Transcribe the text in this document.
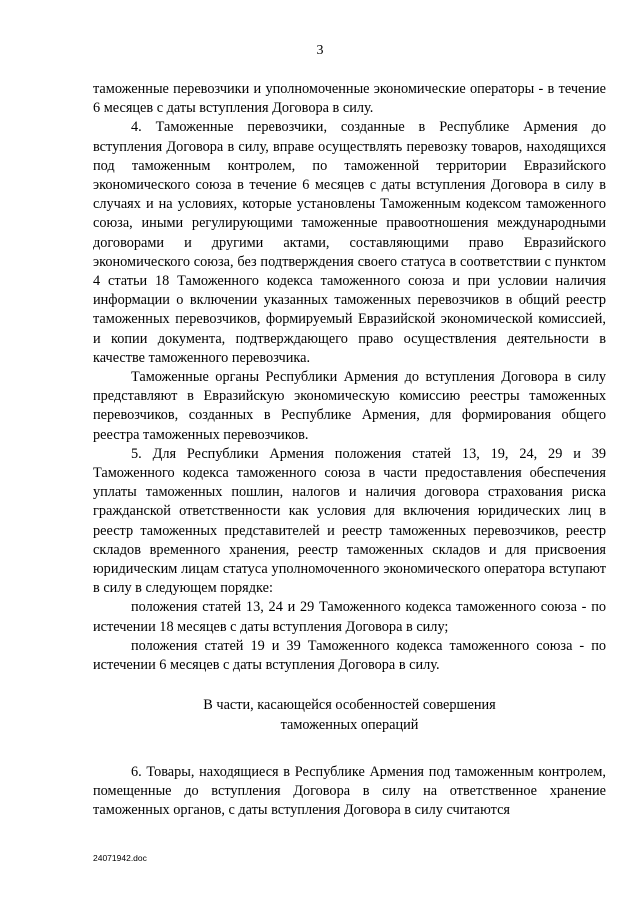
3

таможенные перевозчики и уполномоченные экономические операторы - в течение 6 месяцев с даты вступления Договора в силу.

4. Таможенные перевозчики, созданные в Республике Армения до вступления Договора в силу, вправе осуществлять перевозку товаров, находящихся под таможенным контролем, по таможенной территории Евразийского экономического союза в течение 6 месяцев с даты вступления Договора в силу в случаях и на условиях, которые установлены Таможенным кодексом таможенного союза, иными регулирующими таможенные правоотношения международными договорами и другими актами, составляющими право Евразийского экономического союза, без подтверждения своего статуса в соответствии с пунктом 4 статьи 18 Таможенного кодекса таможенного союза и при условии наличия информации о включении указанных таможенных перевозчиков в общий реестр таможенных перевозчиков, формируемый Евразийской экономической комиссией, и копии документа, подтверждающего право осуществления деятельности в качестве таможенного перевозчика.

Таможенные органы Республики Армения до вступления Договора в силу представляют в Евразийскую экономическую комиссию реестры таможенных перевозчиков, созданных в Республике Армения, для формирования общего реестра таможенных перевозчиков.

5. Для Республики Армения положения статей 13, 19, 24, 29 и 39 Таможенного кодекса таможенного союза в части предоставления обеспечения уплаты таможенных пошлин, налогов и наличия договора страхования риска гражданской ответственности как условия для включения юридических лиц в реестр таможенных представителей и реестр таможенных перевозчиков, реестр складов временного хранения, реестр таможенных складов и для присвоения юридическим лицам статуса уполномоченного экономического оператора вступают в силу в следующем порядке:

положения статей 13, 24 и 29 Таможенного кодекса таможенного союза - по истечении 18 месяцев с даты вступления Договора в силу;

положения статей 19 и 39 Таможенного кодекса таможенного союза - по истечении 6 месяцев с даты вступления Договора в силу.

В части, касающейся особенностей совершения
таможенных операций

6. Товары, находящиеся в Республике Армения под таможенным контролем, помещенные до вступления Договора в силу на ответственное хранение таможенных органов, с даты вступления Договора в силу считаются

24071942.doc
